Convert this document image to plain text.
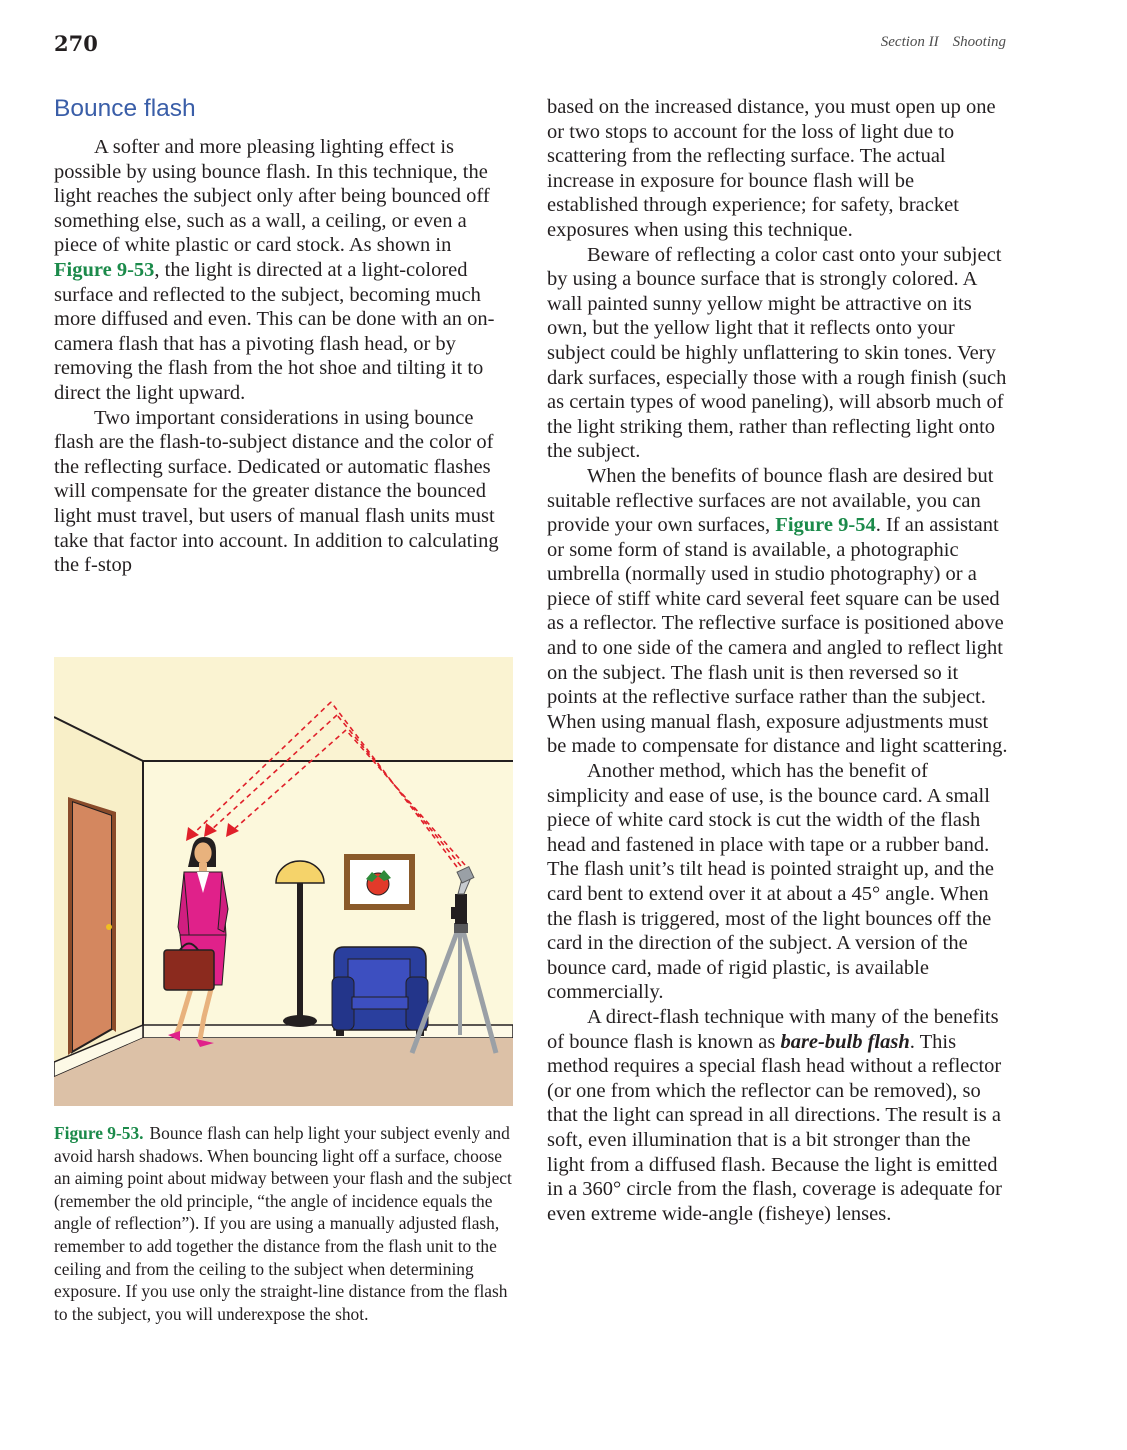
270	Section II Shooting
Bounce flash

A softer and more pleasing lighting effect is possible by using bounce flash. In this technique, the light reaches the subject only after being bounced off something else, such as a wall, a ceiling, or even a piece of white plastic or card stock. As shown in Figure 9-53, the light is directed at a light-colored surface and reflected to the subject, becoming much more diffused and even. This can be done with an on-camera flash that has a pivoting flash head, or by removing the flash from the hot shoe and tilting it to direct the light upward.

Two important considerations in using bounce flash are the flash-to-subject distance and the color of the reflecting surface. Dedicated or automatic flashes will compensate for the greater distance the bounced light must travel, but users of manual flash units must take that factor into account. In addition to calculating the f-stop

Figure 9-53. Bounce flash can help light your subject evenly and avoid harsh shadows. When bouncing light off a surface, choose an aiming point about midway between your flash and the subject (remember the old principle, “the angle of incidence equals the angle of reflection”). If you are using a manually adjusted flash, remember to add together the distance from the flash unit to the ceiling and from the ceiling to the subject when determining exposure. If you use only the straight-line distance from the flash to the subject, you will underexpose the shot.

based on the increased distance, you must open up one or two stops to account for the loss of light due to scattering from the reflecting surface. The actual increase in exposure for bounce flash will be established through experience; for safety, bracket exposures when using this technique.

Beware of reflecting a color cast onto your subject by using a bounce surface that is strongly colored. A wall painted sunny yellow might be attractive on its own, but the yellow light that it reflects onto your subject could be highly unflattering to skin tones. Very dark surfaces, especially those with a rough finish (such as certain types of wood paneling), will absorb much of the light striking them, rather than reflecting light onto the subject.

When the benefits of bounce flash are desired but suitable reflective surfaces are not available, you can provide your own surfaces, Figure 9-54. If an assistant or some form of stand is available, a photographic umbrella (normally used in studio photography) or a piece of stiff white card several feet square can be used as a reflector. The reflective surface is positioned above and to one side of the camera and angled to reflect light on the subject. The flash unit is then reversed so it points at the reflective surface rather than the subject. When using manual flash, exposure adjustments must be made to compensate for distance and light scattering.

Another method, which has the benefit of simplicity and ease of use, is the bounce card. A small piece of white card stock is cut the width of the flash head and fastened in place with tape or a rubber band. The flash unit’s tilt head is pointed straight up, and the card bent to extend over it at about a 45° angle. When the flash is triggered, most of the light bounces off the card in the direction of the subject. A version of the bounce card, made of rigid plastic, is available commercially.

A direct-flash technique with many of the benefits of bounce flash is known as bare-bulb flash. This method requires a special flash head without a reflector (or one from which the reflector can be removed), so that the light can spread in all directions. The result is a soft, even illumination that is a bit stronger than the light from a diffused flash. Because the light is emitted in a 360° circle from the flash, coverage is adequate for even extreme wide-angle (fisheye) lenses.
